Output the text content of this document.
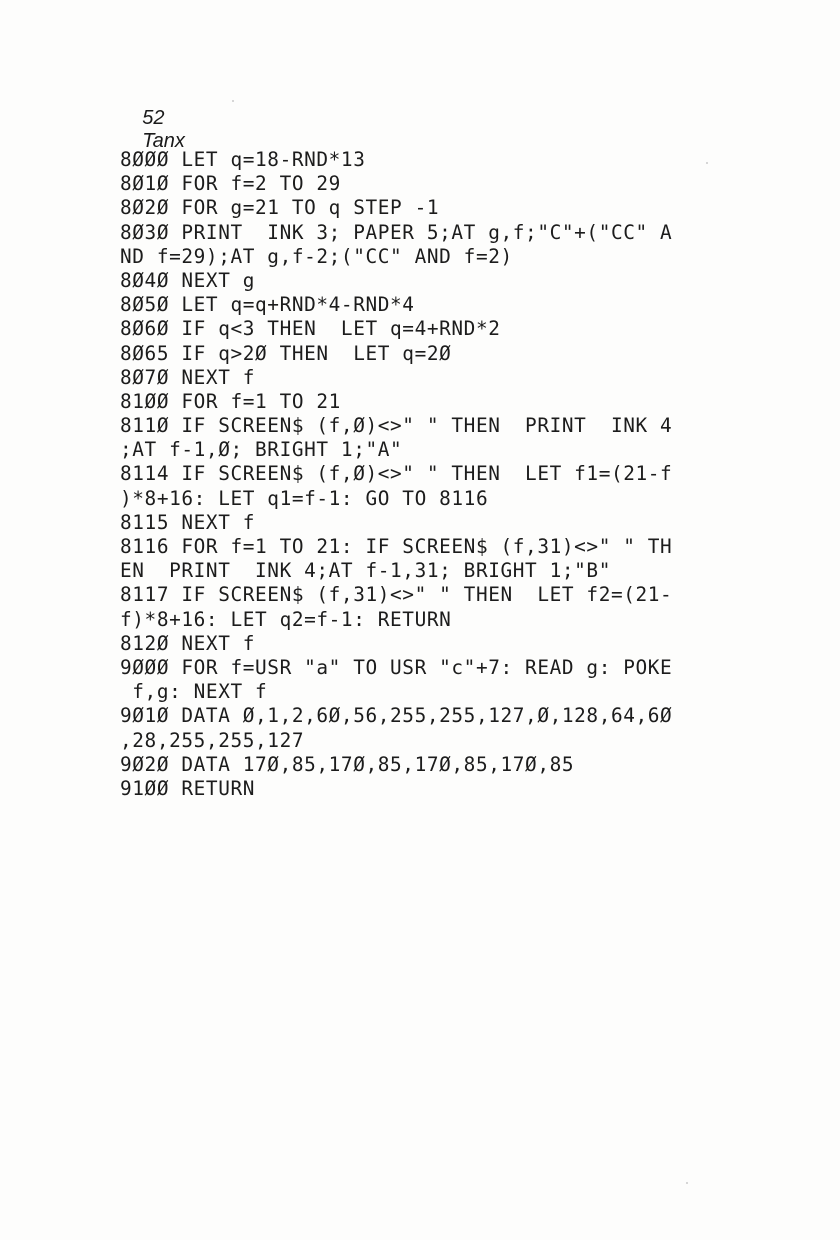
52
Tanx

8ØØØ LET q=18-RND*13
8Ø1Ø FOR f=2 TO 29
8Ø2Ø FOR g=21 TO q STEP -1
8Ø3Ø PRINT  INK 3; PAPER 5;AT g,f;"C"+("CC" A
ND f=29);AT g,f-2;("CC" AND f=2)
8Ø4Ø NEXT g
8Ø5Ø LET q=q+RND*4-RND*4
8Ø6Ø IF q<3 THEN  LET q=4+RND*2
8Ø65 IF q>2Ø THEN  LET q=2Ø
8Ø7Ø NEXT f
81ØØ FOR f=1 TO 21
811Ø IF SCREEN$ (f,Ø)<>" " THEN  PRINT  INK 4
;AT f-1,Ø; BRIGHT 1;"A"
8114 IF SCREEN$ (f,Ø)<>" " THEN  LET f1=(21-f
)*8+16: LET q1=f-1: GO TO 8116
8115 NEXT f
8116 FOR f=1 TO 21: IF SCREEN$ (f,31)<>" " TH
EN  PRINT  INK 4;AT f-1,31; BRIGHT 1;"B"
8117 IF SCREEN$ (f,31)<>" " THEN  LET f2=(21-
f)*8+16: LET q2=f-1: RETURN
812Ø NEXT f
9ØØØ FOR f=USR "a" TO USR "c"+7: READ g: POKE
f,g: NEXT f
9Ø1Ø DATA Ø,1,2,6Ø,56,255,255,127,Ø,128,64,6Ø
,28,255,255,127
9Ø2Ø DATA 17Ø,85,17Ø,85,17Ø,85,17Ø,85
91ØØ RETURN
